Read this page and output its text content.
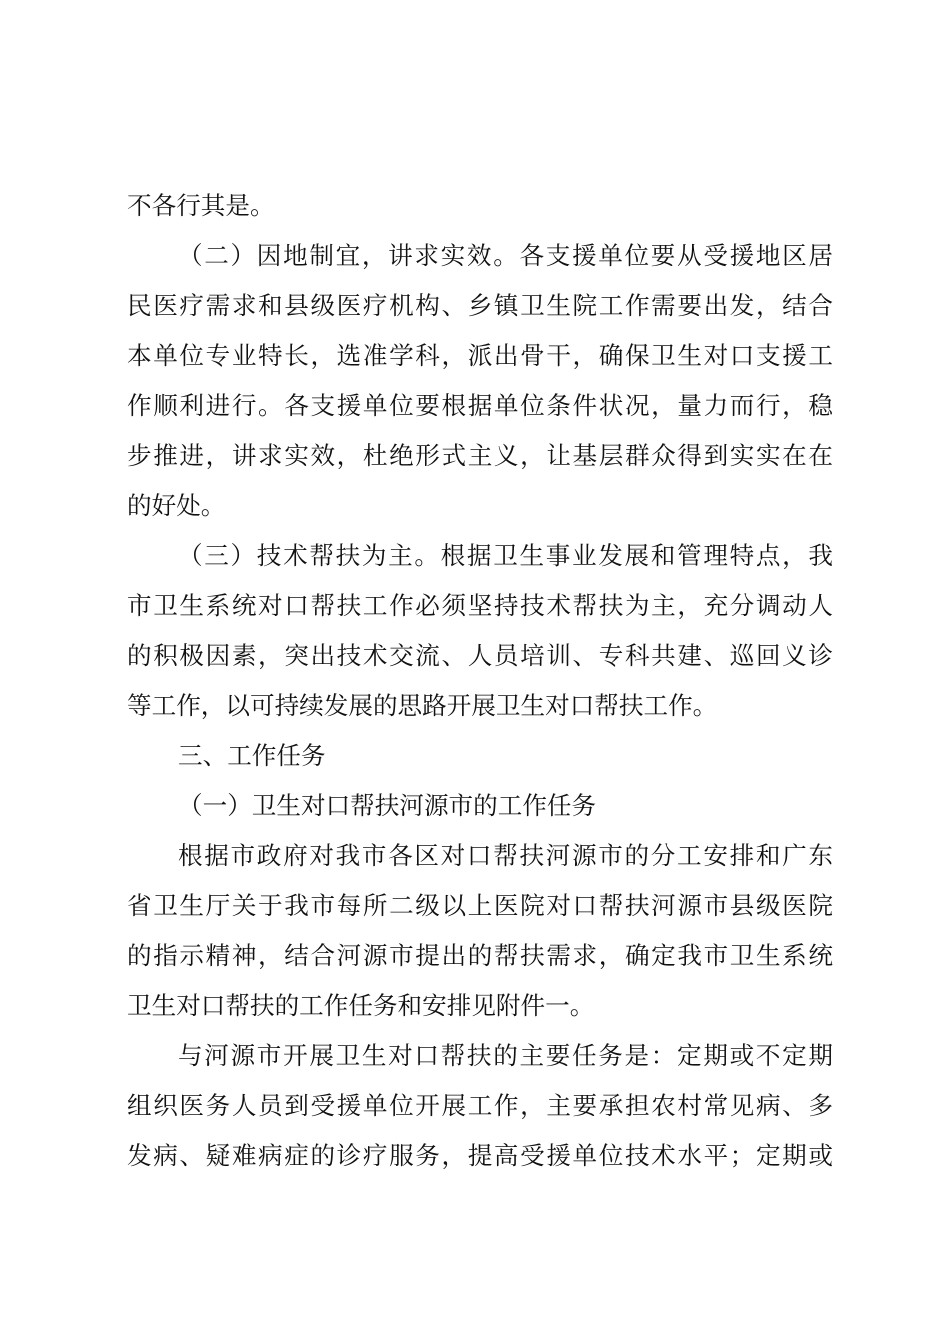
不各行其是。
（二）因地制宜，讲求实效。各支援单位要从受援地区居
民医疗需求和县级医疗机构、乡镇卫生院工作需要出发，结合
本单位专业特长，选准学科，派出骨干，确保卫生对口支援工
作顺利进行。各支援单位要根据单位条件状况，量力而行，稳
步推进，讲求实效，杜绝形式主义，让基层群众得到实实在在
的好处。
（三）技术帮扶为主。根据卫生事业发展和管理特点，我
市卫生系统对口帮扶工作必须坚持技术帮扶为主，充分调动人
的积极因素，突出技术交流、人员培训、专科共建、巡回义诊
等工作，以可持续发展的思路开展卫生对口帮扶工作。
三、工作任务
（一）卫生对口帮扶河源市的工作任务
根据市政府对我市各区对口帮扶河源市的分工安排和广东
省卫生厅关于我市每所二级以上医院对口帮扶河源市县级医院
的指示精神，结合河源市提出的帮扶需求，确定我市卫生系统
卫生对口帮扶的工作任务和安排见附件一。
与河源市开展卫生对口帮扶的主要任务是：定期或不定期
组织医务人员到受援单位开展工作，主要承担农村常见病、多
发病、疑难病症的诊疗服务，提高受援单位技术水平；定期或
